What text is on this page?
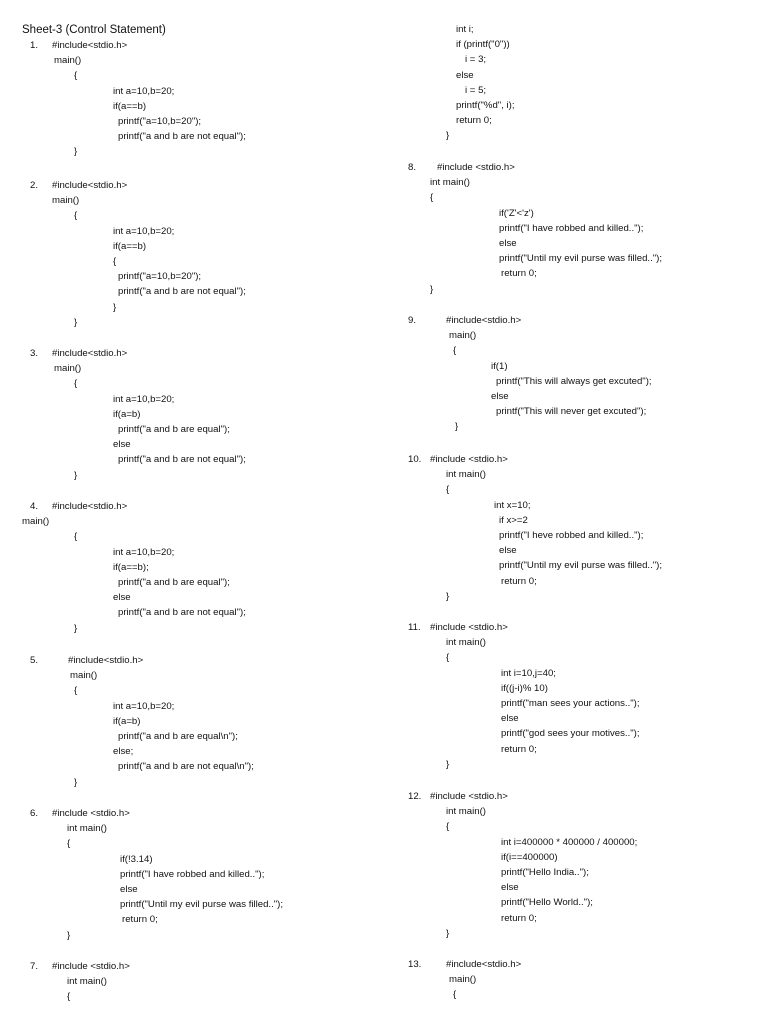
Sheet-3 (Control Statement)
1. #include<stdio.h>
main()
{
int a=10,b=20;
if(a==b)
printf("a=10,b=20");
printf("a and b are not equal");
}
2. #include<stdio.h>
main()
{
int a=10,b=20;
if(a==b)
{
printf("a=10,b=20");
printf("a and b are not equal");
}
}
3. #include<stdio.h>
main()
{
int a=10,b=20;
if(a=b)
printf("a and b are equal");
else
printf("a and b are not equal");
}
4. #include<stdio.h>
main()
{
int a=10,b=20;
if(a==b);
printf("a and b are equal");
else
printf("a and b are not equal");
}
5.	#include<stdio.h>
main()
{
int a=10,b=20;
if(a=b)
printf("a and b are equal\n");
else;
printf("a and b are not equal\n");
}
6. #include <stdio.h>
int main()
{
if(!3.14)
printf("I have robbed and killed..");
else
printf("Until my evil purse was filled..");
return 0;
}
7. #include <stdio.h>
int main()
{
int i;
if (printf("0"))
i = 3;
else
i = 5;
printf("%d", i);
return 0;
}
8. #include <stdio.h>
int main()
{
if('Z'<'z')
printf("I have robbed and killed..");
else
printf("Until my evil purse was filled..");
return 0;
}
9.	#include<stdio.h>
main()
{
if(1)
printf("This will always get excuted");
else
printf("This will never get excuted");
}
10. #include <stdio.h>
int main()
{
int x=10;
if x>=2
printf("I heve robbed and killed..");
else
printf("Until my evil purse was filled..");
return 0;
}
11. #include <stdio.h>
int main()
{
int i=10,j=40;
if((j-i)% 10)
printf("man sees your actions..");
else
printf("god sees your motives..");
return 0;
}
12. #include <stdio.h>
int main()
{
int i=400000 * 400000 / 400000;
if(i==400000)
printf("Hello India..");
else
printf("Hello World..");
return 0;
}
13.	#include<stdio.h>
main()
{
